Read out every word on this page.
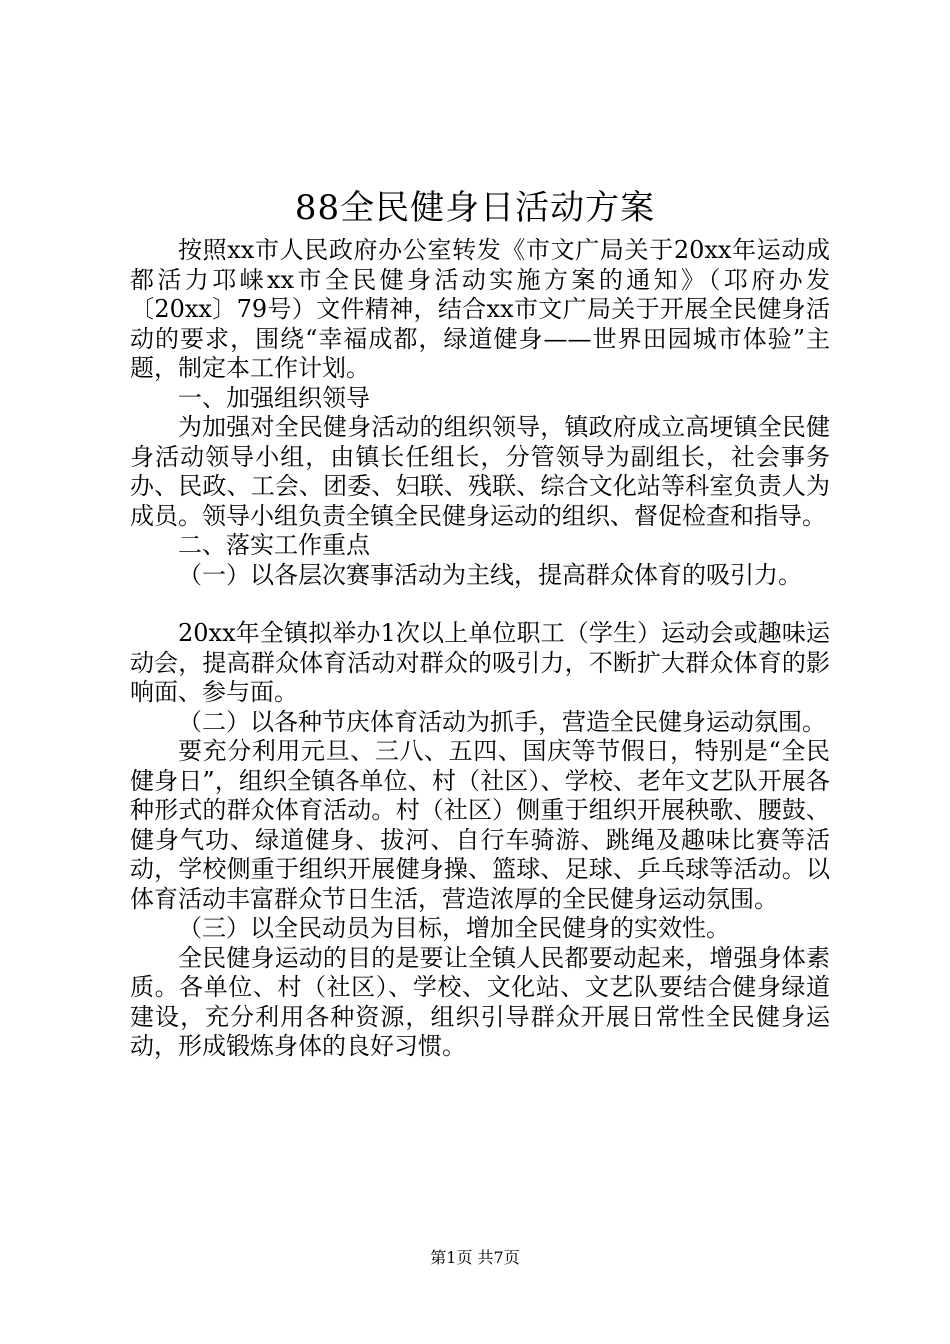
88全民健身日活动方案

按照xx市人民政府办公室转发《市文广局关于20xx年运动成都活力邛崃xx市全民健身活动实施方案的通知》（邛府办发〔20xx〕79号）文件精神，结合xx市文广局关于开展全民健身活动的要求，围绕“幸福成都，绿道健身——世界田园城市体验”主题，制定本工作计划。

一、加强组织领导

为加强对全民健身活动的组织领导，镇政府成立高埂镇全民健身活动领导小组，由镇长任组长，分管领导为副组长，社会事务办、民政、工会、团委、妇联、残联、综合文化站等科室负责人为成员。领导小组负责全镇全民健身运动的组织、督促检查和指导。

二、落实工作重点

（一）以各层次赛事活动为主线，提高群众体育的吸引力。

20xx年全镇拟举办1次以上单位职工（学生）运动会或趣味运动会，提高群众体育活动对群众的吸引力，不断扩大群众体育的影响面、参与面。

（二）以各种节庆体育活动为抓手，营造全民健身运动氛围。

要充分利用元旦、三八、五四、国庆等节假日，特别是“全民健身日”，组织全镇各单位、村（社区）、学校、老年文艺队开展各种形式的群众体育活动。村（社区）侧重于组织开展秧歌、腰鼓、健身气功、绿道健身、拔河、自行车骑游、跳绳及趣味比赛等活动，学校侧重于组织开展健身操、篮球、足球、乒乓球等活动。以体育活动丰富群众节日生活，营造浓厚的全民健身运动氛围。

（三）以全民动员为目标，增加全民健身的实效性。

全民健身运动的目的是要让全镇人民都要动起来，增强身体素质。各单位、村（社区）、学校、文化站、文艺队要结合健身绿道建设，充分利用各种资源，组织引导群众开展日常性全民健身运动，形成锻炼身体的良好习惯。

第1页 共7页
